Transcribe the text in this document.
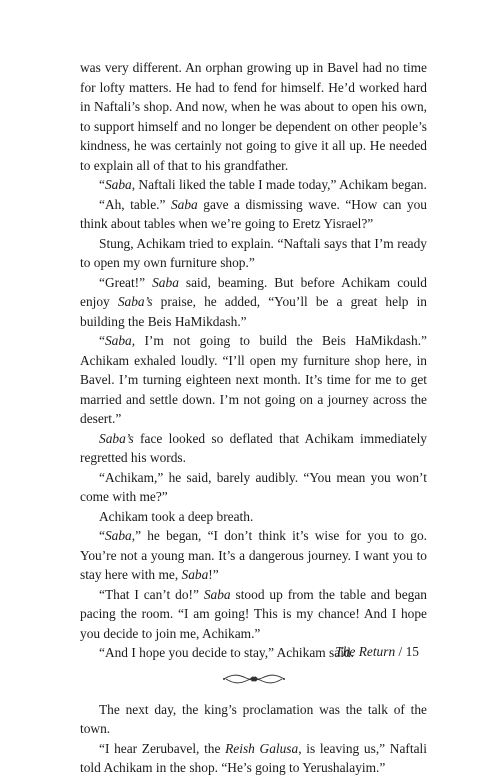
was very different. An orphan growing up in Bavel had no time for lofty matters. He had to fend for himself. He’d worked hard in Naftali’s shop. And now, when he was about to open his own, to support himself and no longer be dependent on other people’s kindness, he was certainly not going to give it all up. He needed to explain all of that to his grandfather.

“Saba, Naftali liked the table I made today,” Achikam began.

“Ah, table.” Saba gave a dismissing wave. “How can you think about tables when we’re going to Eretz Yisrael?”

Stung, Achikam tried to explain. “Naftali says that I’m ready to open my own furniture shop.”

“Great!” Saba said, beaming. But before Achikam could enjoy Saba’s praise, he added, “You’ll be a great help in building the Beis HaMikdash.”

“Saba, I’m not going to build the Beis HaMikdash.” Achikam exhaled loudly. “I’ll open my furniture shop here, in Bavel. I’m turning eighteen next month. It’s time for me to get married and settle down. I’m not going on a journey across the desert.”

Saba’s face looked so deflated that Achikam immediately regretted his words.

“Achikam,” he said, barely audibly. “You mean you won’t come with me?”

Achikam took a deep breath.

“Saba,” he began, “I don’t think it’s wise for you to go. You’re not a young man. It’s a dangerous journey. I want you to stay here with me, Saba!”

“That I can’t do!” Saba stood up from the table and began pacing the room. “I am going! This is my chance! And I hope you decide to join me, Achikam.”

“And I hope you decide to stay,” Achikam said.

The next day, the king’s proclamation was the talk of the town.

“I hear Zerubavel, the Reish Galusa, is leaving us,” Naftali told Achikam in the shop. “He’s going to Yerushalayim.”

The Return / 15
